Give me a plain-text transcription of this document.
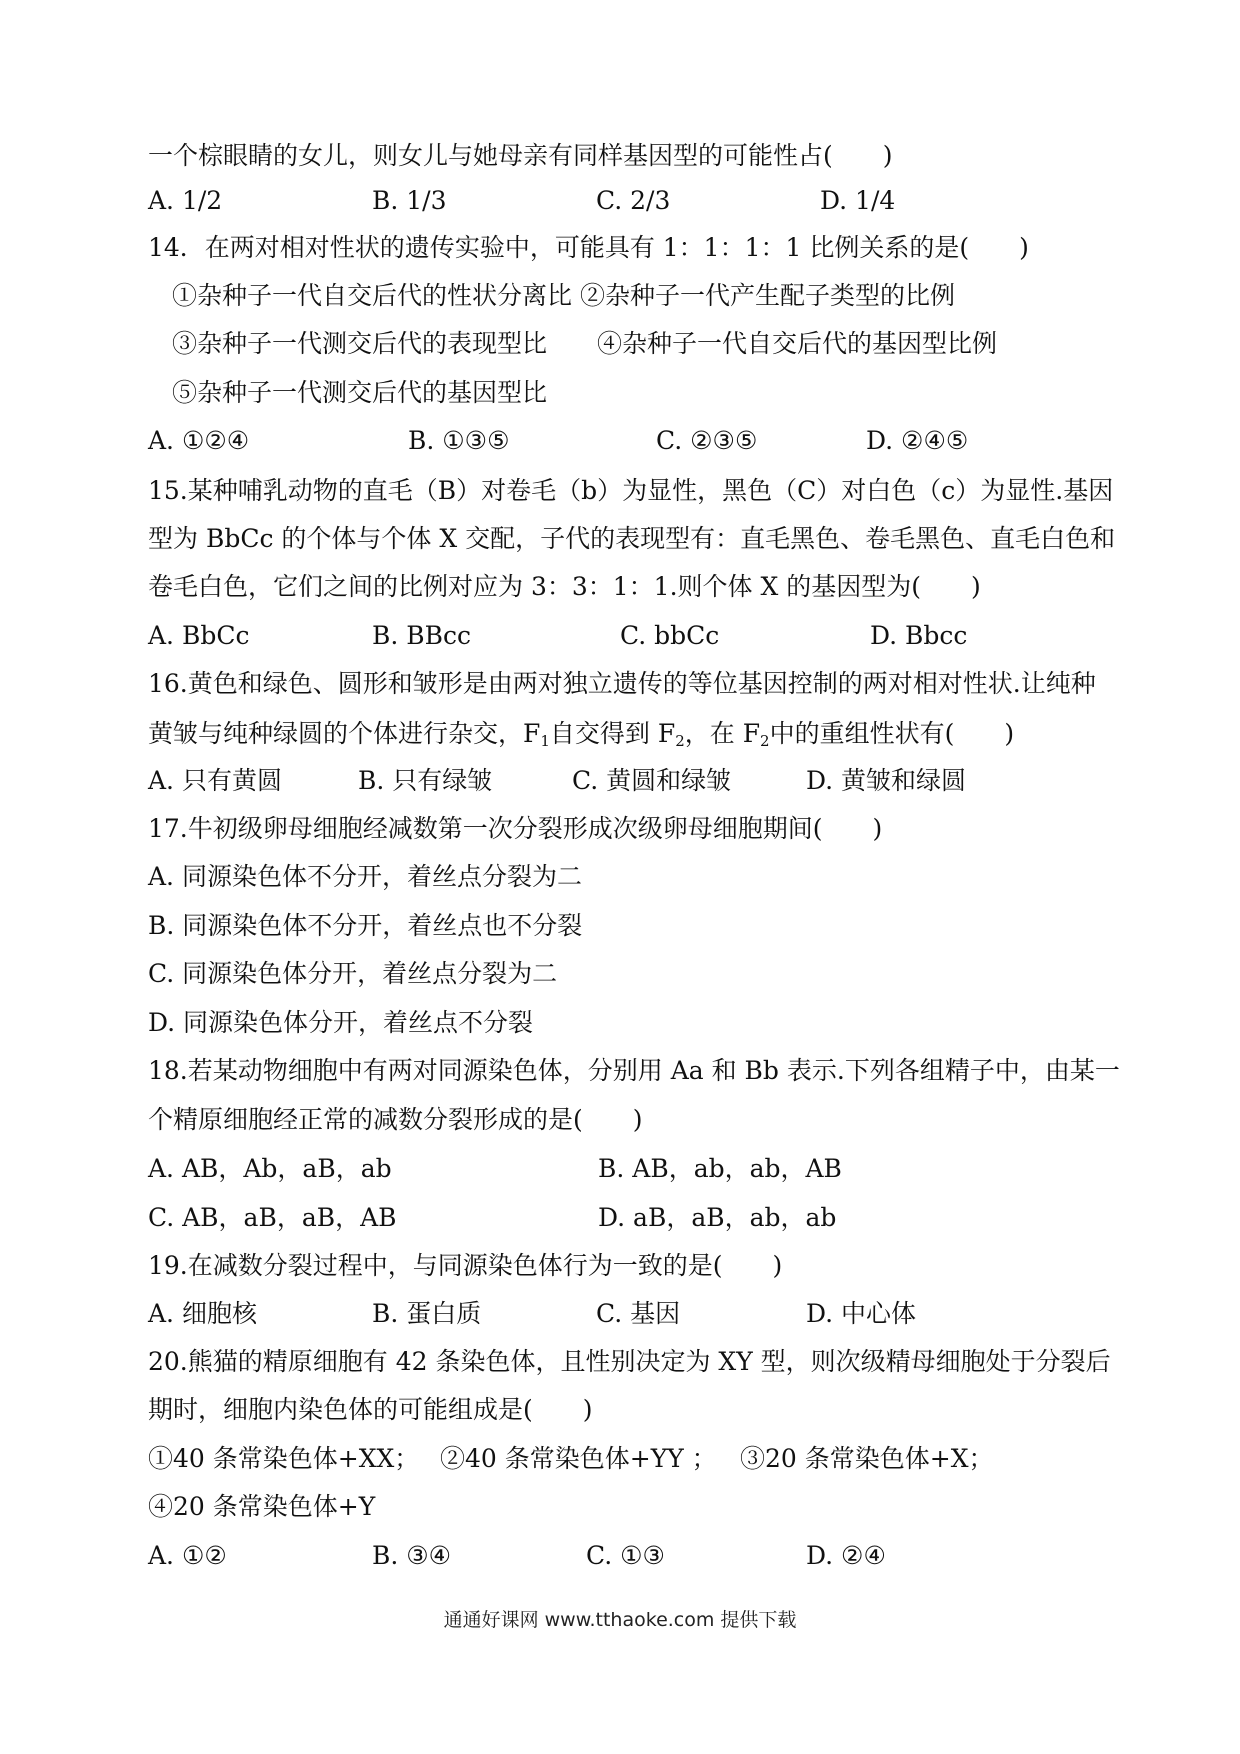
一个棕眼睛的女儿，则女儿与她母亲有同样基因型的可能性占(　　)
A. 1/2	B. 1/3	C. 2/3	D. 1/4
14．在两对相对性状的遗传实验中，可能具有 1：1：1：1 比例关系的是(　　)
①杂种子一代自交后代的性状分离比 ②杂种子一代产生配子类型的比例
③杂种子一代测交后代的表现型比　　④杂种子一代自交后代的基因型比例
⑤杂种子一代测交后代的基因型比
A. ①②④	B. ①③⑤	C. ②③⑤	D. ②④⑤
15.某种哺乳动物的直毛（B）对卷毛（b）为显性，黑色（C）对白色（c）为显性.基因
型为 BbCc 的个体与个体 X 交配，子代的表现型有：直毛黑色、卷毛黑色、直毛白色和
卷毛白色，它们之间的比例对应为 3：3：1：1.则个体 X 的基因型为(　　)
A. BbCc	B. BBcc	C. bbCc	D. Bbcc
16.黄色和绿色、圆形和皱形是由两对独立遗传的等位基因控制的两对相对性状.让纯种
黄皱与纯种绿圆的个体进行杂交，$F_1$自交得到 $F_2$，在 $F_2$中的重组性状有(　　)
A. 只有黄圆	B. 只有绿皱	C. 黄圆和绿皱	D. 黄皱和绿圆
17.牛初级卵母细胞经减数第一次分裂形成次级卵母细胞期间(　　)
A. 同源染色体不分开，着丝点分裂为二
B. 同源染色体不分开，着丝点也不分裂
C. 同源染色体分开，着丝点分裂为二
D. 同源染色体分开，着丝点不分裂
18.若某动物细胞中有两对同源染色体，分别用 Aa 和 Bb 表示.下列各组精子中，由某一
个精原细胞经正常的减数分裂形成的是(　　)
A. AB，Ab，aB，ab	B. AB，ab，ab，AB
C. AB，aB，aB，AB	D. aB，aB，ab，ab
19.在减数分裂过程中，与同源染色体行为一致的是(　　)
A. 细胞核	B. 蛋白质	C. 基因	D. 中心体
20.熊猫的精原细胞有 42 条染色体，且性别决定为 XY 型，则次级精母细胞处于分裂后
期时，细胞内染色体的可能组成是(　　)
①40 条常染色体+XX； ②40 条常染色体+YY ； ③20 条常染色体+X；
④20 条常染色体+Y
A. ①②	B. ③④	C. ①③	D. ②④
通通好课网 www.tthaoke.com 提供下载
